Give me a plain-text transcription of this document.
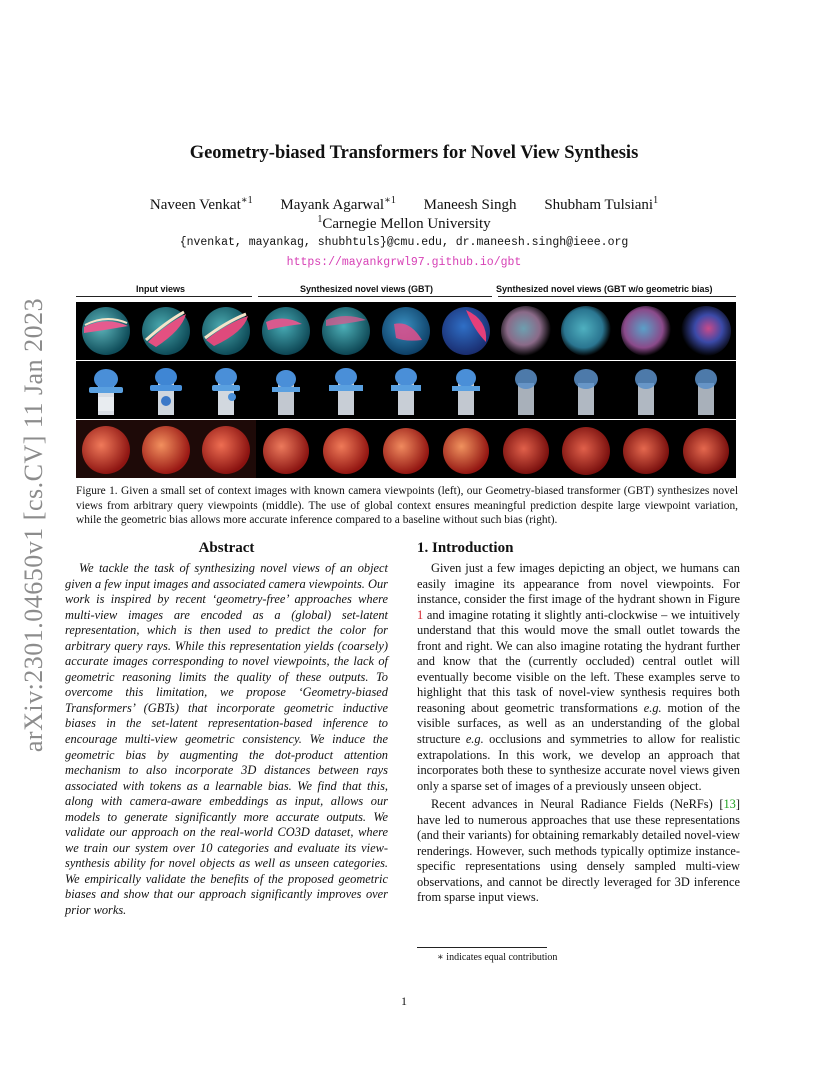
arXiv:2301.04650v1 [cs.CV] 11 Jan 2023
Geometry-biased Transformers for Novel View Synthesis
Naveen Venkat$^{∗1}$ Mayank Agarwal$^{∗1}$ Maneesh Singh Shubham Tulsiani$^1$
$^1$Carnegie Mellon University
{nvenkat, mayankag, shubhtuls}@cmu.edu, dr.maneesh.singh@ieee.org
https://mayankgrwl97.github.io/gbt
Input views	Synthesized novel views (GBT)	Synthesized novel views (GBT w/o geometric bias)
Figure 1. Given a small set of context images with known camera viewpoints (left), our Geometry-biased transformer (GBT) synthesizes novel views from arbitrary query viewpoints (middle). The use of global context ensures meaningful prediction despite large viewpoint variation, while the geometric bias allows more accurate inference compared to a baseline without such bias (right).
Abstract
We tackle the task of synthesizing novel views of an object given a few input images and associated camera viewpoints. Our work is inspired by recent ‘geometry-free’ approaches where multi-view images are encoded as a (global) set-latent representation, which is then used to predict the color for arbitrary query rays. While this representation yields (coarsely) accurate images corresponding to novel viewpoints, the lack of geometric reasoning limits the quality of these outputs. To overcome this limitation, we propose ‘Geometry-biased Transformers’ (GBTs) that incorporate geometric inductive biases in the set-latent representation-based inference to encourage multi-view geometric consistency. We induce the geometric bias by augmenting the dot-product attention mechanism to also incorporate 3D distances between rays associated with tokens as a learnable bias. We find that this, along with camera-aware embeddings as input, allows our models to generate significantly more accurate outputs. We validate our approach on the real-world CO3D dataset, where we train our system over 10 categories and evaluate its view-synthesis ability for novel objects as well as unseen categories. We empirically validate the benefits of the proposed geometric biases and show that our approach significantly improves over prior works.
1. Introduction
Given just a few images depicting an object, we humans can easily imagine its appearance from novel viewpoints. For instance, consider the first image of the hydrant shown in Figure 1 and imagine rotating it slightly anti-clockwise – we intuitively understand that this would move the small outlet towards the front and right. We can also imagine rotating the hydrant further and know that the (currently occluded) central outlet will eventually become visible on the left. These examples serve to highlight that this task of novel-view synthesis requires both reasoning about geometric transformations e.g. motion of the visible surfaces, as well as an understanding of the global structure e.g. occlusions and symmetries to allow for realistic extrapolations. In this work, we develop an approach that incorporates both these to synthesize accurate novel views given only a sparse set of images of a previously unseen object.
Recent advances in Neural Radiance Fields (NeRFs) [13] have led to numerous approaches that use these representations (and their variants) for obtaining remarkably detailed novel-view renderings. However, such methods typically optimize instance-specific representations using densely sampled multi-view observations, and cannot be directly leveraged for 3D inference from sparse input views.
∗ indicates equal contribution
1
